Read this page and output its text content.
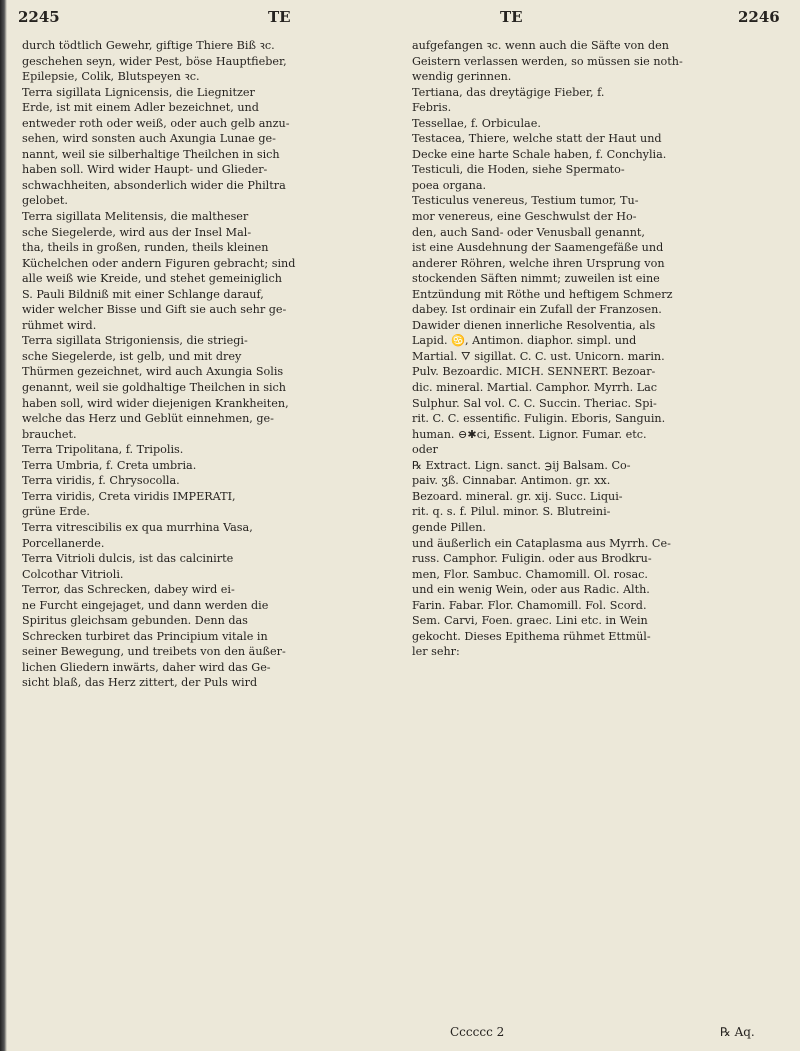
2245	TE	TE	2246
durch tödtlich Gewehr, giftige Thiere Biß ꝛc.
geschehen seyn, wider Pest, böse Hauptfieber,
Epilepsie, Colik, Blutspeyen ꝛc.
Terra sigillata Lignicensis, die Liegnitzer
Erde, ist mit einem Adler bezeichnet, und
entweder roth oder weiß, oder auch gelb anzu-
sehen, wird sonsten auch Axungia Lunae ge-
nannt, weil sie silberhaltige Theilchen in sich
haben soll. Wird wider Haupt- und Glieder-
schwachheiten, absonderlich wider die Philtra
gelobet.
Terra sigillata Melitensis, die maltheser
sche Siegelerde, wird aus der Insel Mal-
tha, theils in großen, runden, theils kleinen
Küchelchen oder andern Figuren gebracht; sind
alle weiß wie Kreide, und stehet gemeiniglich
S. Pauli Bildniß mit einer Schlange darauf,
wider welcher Bisse und Gift sie auch sehr ge-
rühmet wird.
Terra sigillata Strigoniensis, die striegi-
sche Siegelerde, ist gelb, und mit drey
Thürmen gezeichnet, wird auch Axungia Solis
genannt, weil sie goldhaltige Theilchen in sich
haben soll, wird wider diejenigen Krankheiten,
welche das Herz und Geblüt einnehmen, ge-
brauchet.
Terra Tripolitana, f. Tripolis.
Terra Umbria, f. Creta umbria.
Terra viridis, f. Chrysocolla.
Terra viridis, Creta viridis IMPERATI,
grüne Erde.
Terra vitrescibilis ex qua murrhina Vasa,
Porcellanerde.
Terra Vitrioli dulcis, ist das calcinirte
Colcothar Vitrioli.
Terror, das Schrecken, dabey wird ei-
ne Furcht eingejaget, und dann werden die
Spiritus gleichsam gebunden. Denn das
Schrecken turbiret das Principium vitale in
seiner Bewegung, und treibets von den äußer-
lichen Gliedern inwärts, daher wird das Ge-
sicht blaß, das Herz zittert, der Puls wird
aufgefangen ꝛc. wenn auch die Säfte von den
Geistern verlassen werden, so müssen sie noth-
wendig gerinnen.
Tertiana, das dreytägige Fieber, f.
Febris.
Tessellae, f. Orbiculae.
Testacea, Thiere, welche statt der Haut und
Decke eine harte Schale haben, f. Conchylia.
Testiculi, die Hoden, siehe Spermato-
poea organa.
Testiculus venereus, Testium tumor, Tu-
mor venereus, eine Geschwulst der Ho-
den, auch Sand- oder Venusball genannt,
ist eine Ausdehnung der Saamengefäße und
anderer Röhren, welche ihren Ursprung von
stockenden Säften nimmt; zuweilen ist eine
Entzündung mit Röthe und heftigem Schmerz
dabey. Ist ordinair ein Zufall der Franzosen.
Dawider dienen innerliche Resolventia, als
Lapid. ♋, Antimon. diaphor. simpl. und
Martial. 🜄 sigillat. C. C. ust. Unicorn. marin.
Pulv. Bezoardic. MICH. SENNERT. Bezoar-
dic. mineral. Martial. Camphor. Myrrh. Lac
Sulphur. Sal vol. C. C. Succin. Theriac. Spi-
rit. C. C. essentific. Fuligin. Eboris, Sanguin.
human. ⊖✱ci, Essent. Lignor. Fumar. etc.
oder
℞ Extract. Lign. sanct. ℈ij Balsam. Co-
paiv. ʒß. Cinnabar. Antimon. gr. xx.
Bezoard. mineral. gr. xij. Succ. Liqui-
rit. q. s. f. Pilul. minor. S. Blutreini-
gende Pillen.
und äußerlich ein Cataplasma aus Myrrh. Ce-
russ. Camphor. Fuligin. oder aus Brodkru-
men, Flor. Sambuc. Chamomill. Ol. rosac.
und ein wenig Wein, oder aus Radic. Alth.
Farin. Fabar. Flor. Chamomill. Fol. Scord.
Sem. Carvi, Foen. graec. Lini etc. in Wein
gekocht. Dieses Epithema rühmet Ettmül-
ler sehr:
Cccccc 2	℞ Aq.
